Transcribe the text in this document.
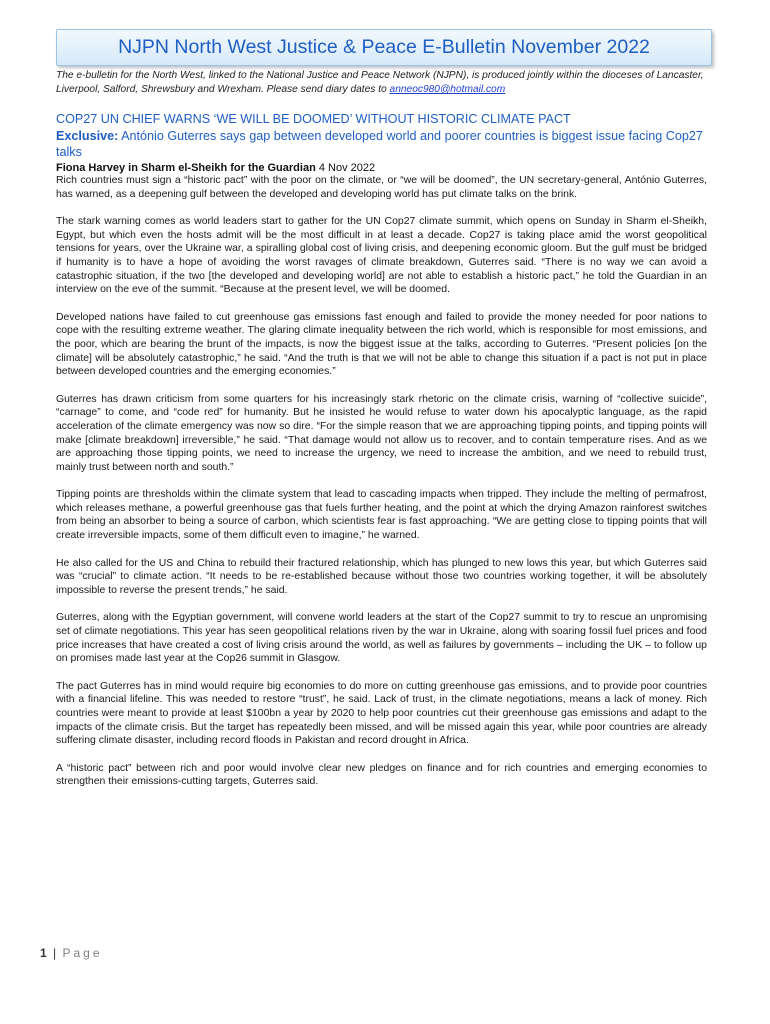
NJPN North West Justice & Peace E-Bulletin November 2022
The e-bulletin for the North West, linked to the National Justice and Peace Network (NJPN), is produced jointly within the dioceses of Lancaster, Liverpool, Salford, Shrewsbury and Wrexham. Please send diary dates to anneoc980@hotmail.com
COP27 UN CHIEF WARNS ‘WE WILL BE DOOMED’ WITHOUT HISTORIC CLIMATE PACT
Exclusive: António Guterres says gap between developed world and poorer countries is biggest issue facing Cop27 talks
Fiona Harvey in Sharm el-Sheikh for the Guardian 4 Nov 2022

Rich countries must sign a “historic pact” with the poor on the climate, or “we will be doomed”, the UN secretary-general, António Guterres, has warned, as a deepening gulf between the developed and developing world has put climate talks on the brink.

The stark warning comes as world leaders start to gather for the UN Cop27 climate summit, which opens on Sunday in Sharm el-Sheikh, Egypt, but which even the hosts admit will be the most difficult in at least a decade. Cop27 is taking place amid the worst geopolitical tensions for years, over the Ukraine war, a spiralling global cost of living crisis, and deepening economic gloom. But the gulf must be bridged if humanity is to have a hope of avoiding the worst ravages of climate breakdown, Guterres said. “There is no way we can avoid a catastrophic situation, if the two [the developed and developing world] are not able to establish a historic pact,” he told the Guardian in an interview on the eve of the summit. “Because at the present level, we will be doomed.

Developed nations have failed to cut greenhouse gas emissions fast enough and failed to provide the money needed for poor nations to cope with the resulting extreme weather. The glaring climate inequality between the rich world, which is responsible for most emissions, and the poor, which are bearing the brunt of the impacts, is now the biggest issue at the talks, according to Guterres. “Present policies [on the climate] will be absolutely catastrophic,” he said. “And the truth is that we will not be able to change this situation if a pact is not put in place between developed countries and the emerging economies.”

Guterres has drawn criticism from some quarters for his increasingly stark rhetoric on the climate crisis, warning of “collective suicide”, “carnage” to come, and “code red” for humanity. But he insisted he would refuse to water down his apocalyptic language, as the rapid acceleration of the climate emergency was now so dire. “For the simple reason that we are approaching tipping points, and tipping points will make [climate breakdown] irreversible,” he said. “That damage would not allow us to recover, and to contain temperature rises. And as we are approaching those tipping points, we need to increase the urgency, we need to increase the ambition, and we need to rebuild trust, mainly trust between north and south.”

Tipping points are thresholds within the climate system that lead to cascading impacts when tripped. They include the melting of permafrost, which releases methane, a powerful greenhouse gas that fuels further heating, and the point at which the drying Amazon rainforest switches from being an absorber to being a source of carbon, which scientists fear is fast approaching. “We are getting close to tipping points that will create irreversible impacts, some of them difficult even to imagine,” he warned.

He also called for the US and China to rebuild their fractured relationship, which has plunged to new lows this year, but which Guterres said was “crucial” to climate action. “It needs to be re-established because without those two countries working together, it will be absolutely impossible to reverse the present trends,” he said.

Guterres, along with the Egyptian government, will convene world leaders at the start of the Cop27 summit to try to rescue an unpromising set of climate negotiations. This year has seen geopolitical relations riven by the war in Ukraine, along with soaring fossil fuel prices and food price increases that have created a cost of living crisis around the world, as well as failures by governments – including the UK – to follow up on promises made last year at the Cop26 summit in Glasgow.

The pact Guterres has in mind would require big economies to do more on cutting greenhouse gas emissions, and to provide poor countries with a financial lifeline. This was needed to restore “trust”, he said. Lack of trust, in the climate negotiations, means a lack of money. Rich countries were meant to provide at least $100bn a year by 2020 to help poor countries cut their greenhouse gas emissions and adapt to the impacts of the climate crisis. But the target has repeatedly been missed, and will be missed again this year, while poor countries are already suffering climate disaster, including record floods in Pakistan and record drought in Africa.

A “historic pact” between rich and poor would involve clear new pledges on finance and for rich countries and emerging economies to strengthen their emissions-cutting targets, Guterres said.

1 | Page
